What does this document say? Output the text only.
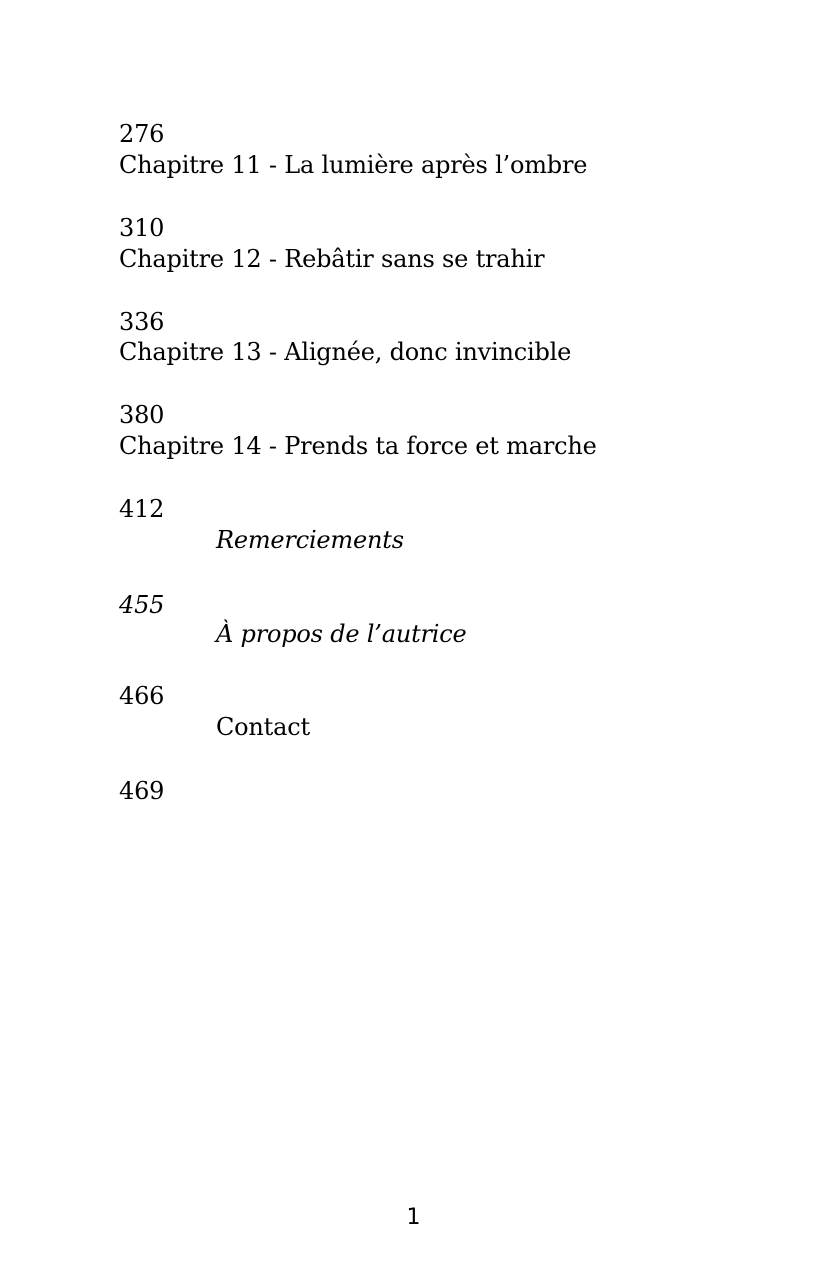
276
Chapitre 11 - La lumière après l’ombre
310
Chapitre 12 - Rebâtir sans se trahir
336
Chapitre 13 - Alignée, donc invincible
380
Chapitre 14 - Prends ta force et marche
412
Remerciements
455
À propos de l’autrice
466
Contact
469
1
